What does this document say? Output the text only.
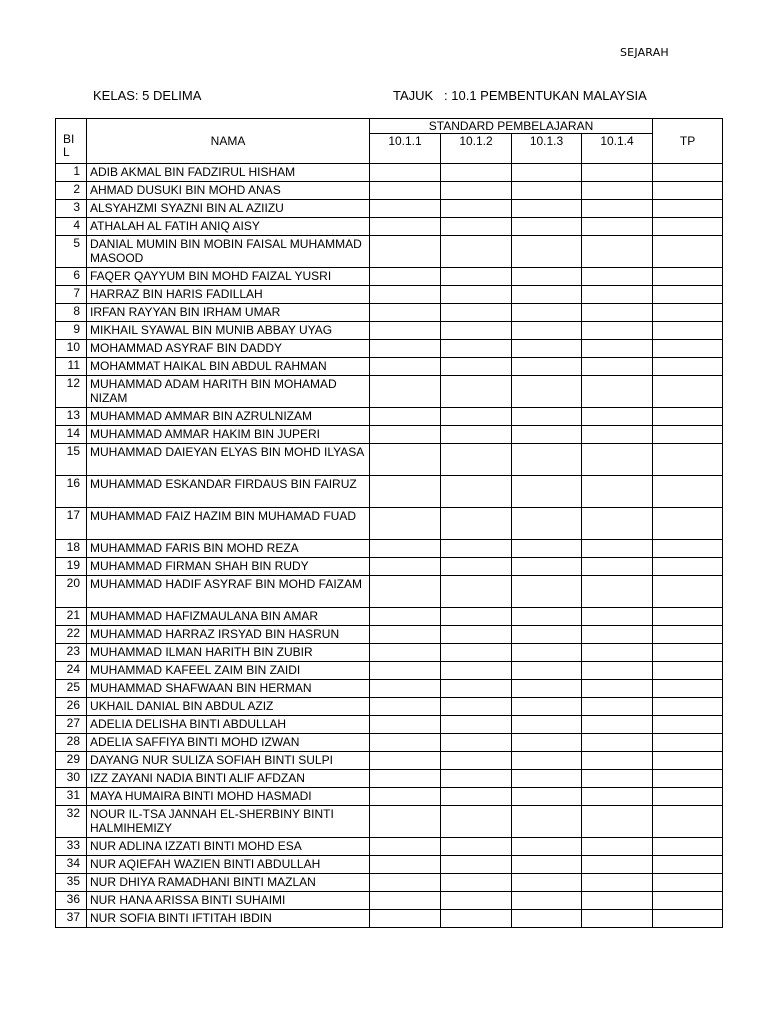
SEJARAH
KELAS: 5 DELIMA	TAJUK   : 10.1 PEMBENTUKAN MALAYSIA
BI
L	NAMA	STANDARD PEMBELAJARAN				TP
		10.1.1	10.1.2	10.1.3	10.1.4	
1	ADIB AKMAL BIN FADZIRUL HISHAM					
2	AHMAD DUSUKI BIN MOHD ANAS					
3	ALSYAHZMI SYAZNI BIN AL AZIIZU					
4	ATHALAH AL FATIH ANIQ AISY					
5	DANIAL MUMIN BIN MOBIN FAISAL MUHAMMAD MASOOD					
6	FAQER QAYYUM BIN MOHD FAIZAL YUSRI					
7	HARRAZ BIN HARIS FADILLAH					
8	IRFAN RAYYAN BIN IRHAM UMAR					
9	MIKHAIL SYAWAL BIN MUNIB ABBAY UYAG					
10	MOHAMMAD ASYRAF BIN DADDY					
11	MOHAMMAT HAIKAL BIN ABDUL RAHMAN					
12	MUHAMMAD ADAM HARITH BIN MOHAMAD NIZAM					
13	MUHAMMAD AMMAR BIN AZRULNIZAM					
14	MUHAMMAD AMMAR HAKIM BIN JUPERI					
15	MUHAMMAD DAIEYAN ELYAS BIN MOHD ILYASA					
16	MUHAMMAD ESKANDAR FIRDAUS BIN FAIRUZ					
17	MUHAMMAD FAIZ HAZIM BIN MUHAMAD FUAD					
18	MUHAMMAD FARIS BIN MOHD REZA					
19	MUHAMMAD FIRMAN SHAH BIN RUDY					
20	MUHAMMAD HADIF ASYRAF BIN MOHD FAIZAM					
21	MUHAMMAD HAFIZMAULANA BIN AMAR					
22	MUHAMMAD HARRAZ IRSYAD BIN HASRUN					
23	MUHAMMAD ILMAN HARITH BIN ZUBIR					
24	MUHAMMAD KAFEEL ZAIM BIN ZAIDI					
25	MUHAMMAD SHAFWAAN BIN HERMAN					
26	UKHAIL DANIAL BIN ABDUL AZIZ					
27	ADELIA DELISHA BINTI ABDULLAH					
28	ADELIA SAFFIYA BINTI MOHD IZWAN					
29	DAYANG NUR SULIZA SOFIAH BINTI SULPI					
30	IZZ ZAYANI NADIA BINTI ALIF AFDZAN					
31	MAYA HUMAIRA BINTI MOHD HASMADI					
32	NOUR IL-TSA JANNAH EL-SHERBINY BINTI HALMIHEMIZY					
33	NUR ADLINA IZZATI BINTI MOHD ESA					
34	NUR AQIEFAH WAZIEN BINTI ABDULLAH					
35	NUR DHIYA RAMADHANI BINTI MAZLAN					
36	NUR HANA ARISSA BINTI SUHAIMI					
37	NUR SOFIA BINTI IFTITAH IBDIN					
